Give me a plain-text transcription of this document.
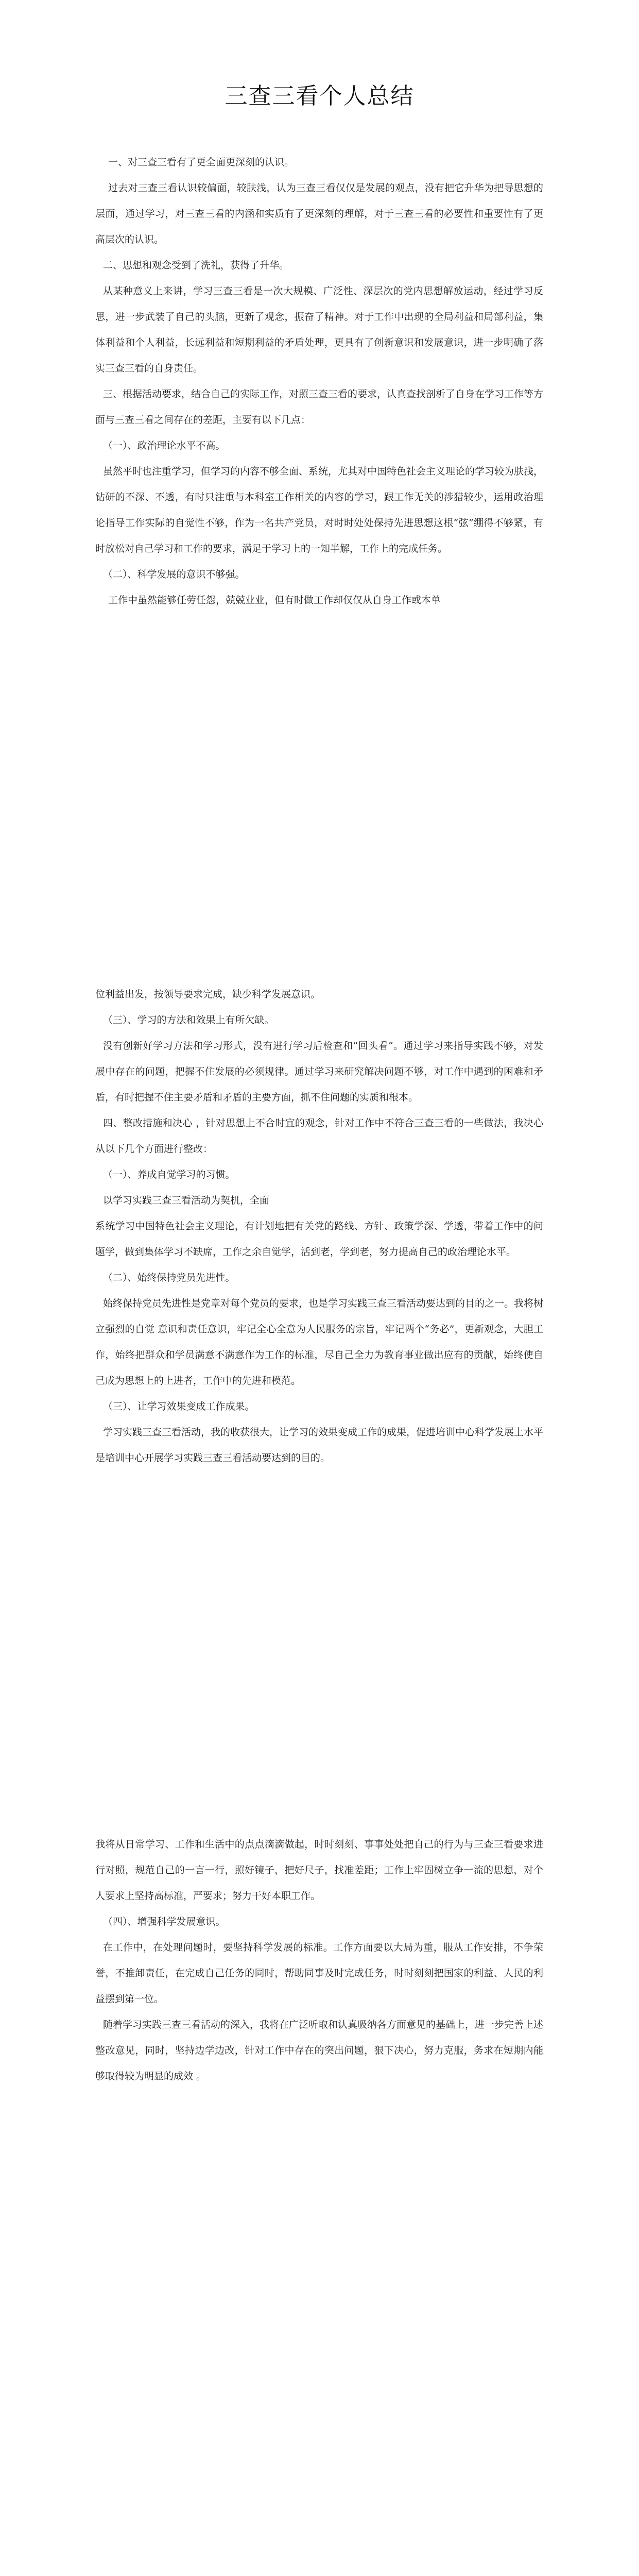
三查三看个人总结

一、对三查三看有了更全面更深刻的认识。

过去对三查三看认识较偏面，较肤浅，认为三查三看仅仅是发展的观点，没有把它升华为把导思想的层面，通过学习，对三查三看的内涵和实质有了更深刻的理解，对于三查三看的必要性和重要性有了更高层次的认识。

二、思想和观念受到了洗礼，获得了升华。

从某种意义上来讲，学习三查三看是一次大规模、广泛性、深层次的党内思想解放运动，经过学习反思，进一步武装了自己的头脑，更新了观念，振奋了精神。对于工作中出现的全局利益和局部利益，集体利益和个人利益，长远利益和短期利益的矛盾处理，更具有了创新意识和发展意识，进一步明确了落实三查三看的自身责任。

三、根据活动要求，结合自己的实际工作，对照三查三看的要求，认真查找剖析了自身在学习工作等方面与三查三看之间存在的差距，主要有以下几点：

（一）、政治理论水平不高。

虽然平时也注重学习，但学习的内容不够全面、系统，尤其对中国特色社会主义理论的学习较为肤浅，钻研的不深、不透，有时只注重与本科室工作相关的内容的学习，跟工作无关的涉猎较少，运用政治理论指导工作实际的自觉性不够，作为一名共产党员，对时时处处保持先进思想这根“弦”绷得不够紧，有时放松对自己学习和工作的要求，满足于学习上的一知半解，工作上的完成任务。

（二）、科学发展的意识不够强。

工作中虽然能够任劳任怨，兢兢业业，但有时做工作却仅仅从自身工作或本单

位利益出发，按领导要求完成，缺少科学发展意识。

（三）、学习的方法和效果上有所欠缺。

没有创新好学习方法和学习形式，没有进行学习后检查和“回头看”。通过学习来指导实践不够，对发展中存在的问题，把握不住发展的必须规律。通过学习来研究解决问题不够，对工作中遇到的困难和矛盾，有时把握不住主要矛盾和矛盾的主要方面，抓不住问题的实质和根本。

四、整改措施和决心 ，针对思想上不合时宜的观念，针对工作中不符合三查三看的一些做法，我决心从以下几个方面进行整改：

（一）、养成自觉学习的习惯。

以学习实践三查三看活动为契机，全面

系统学习中国特色社会主义理论，有计划地把有关党的路线、方针、政策学深、学透，带着工作中的问题学，做到集体学习不缺席，工作之余自觉学，活到老，学到老，努力提高自己的政治理论水平。

（二）、始终保持党员先进性。

始终保持党员先进性是党章对每个党员的要求，也是学习实践三查三看活动要达到的目的之一。我将树立强烈的自觉 意识和责任意识，牢记全心全意为人民服务的宗旨，牢记两个“务必”，更新观念，大胆工作，始终把群众和学员满意不满意作为工作的标准，尽自己全力为教育事业做出应有的贡献，始终使自己成为思想上的上进者，工作中的先进和模范。

（三）、让学习效果变成工作成果。

学习实践三查三看活动，我的收获很大，让学习的效果变成工作的成果，促进培训中心科学发展上水平是培训中心开展学习实践三查三看活动要达到的目的。

我将从日常学习、工作和生活中的点点滴滴做起，时时刻刻、事事处处把自己的行为与三查三看要求进行对照，规范自己的一言一行，照好镜子，把好尺子，找准差距；工作上牢固树立争一流的思想，对个人要求上坚持高标准，严要求；努力干好本职工作。

（四）、增强科学发展意识。

在工作中，在处理问题时，要坚持科学发展的标准。工作方面要以大局为重，服从工作安排，不争荣誉，不推卸责任，在完成自己任务的同时，帮助同事及时完成任务，时时刻刻把国家的利益、人民的利益摆到第一位。

随着学习实践三查三看活动的深入，我将在广泛听取和认真吸纳各方面意见的基础上，进一步完善上述整改意见，同时，坚持边学边改，针对工作中存在的突出问题，狠下决心，努力克服，务求在短期内能够取得较为明显的成效 。
